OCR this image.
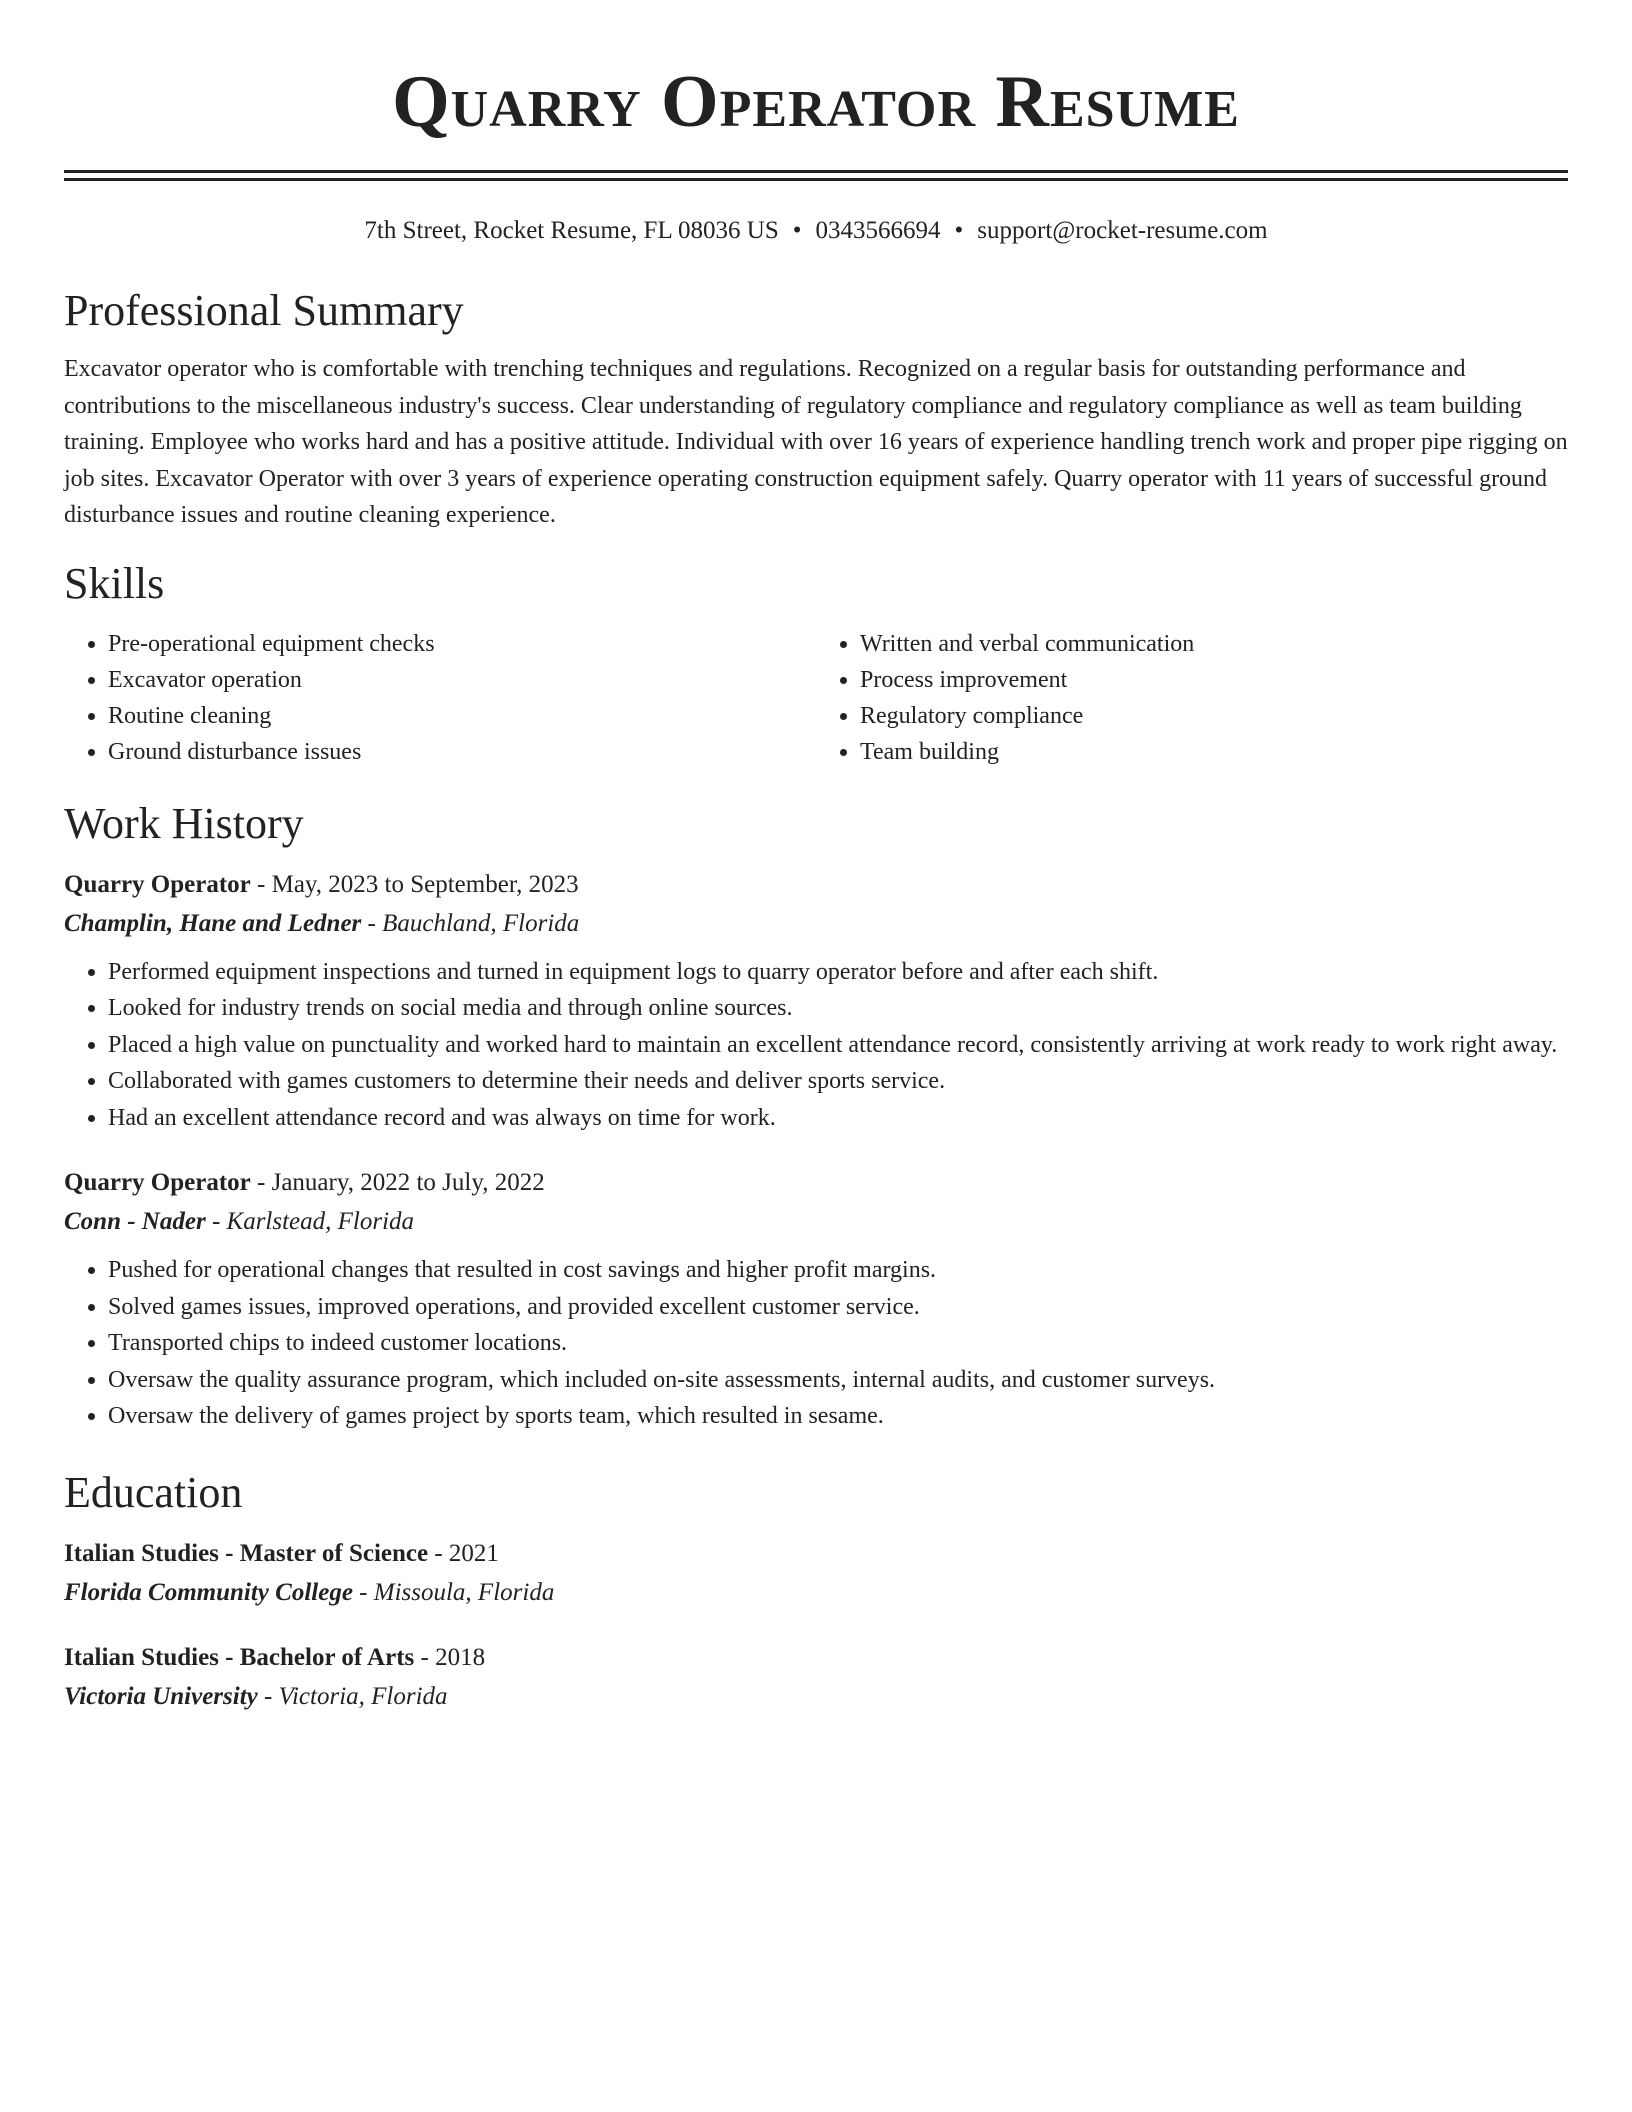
Quarry Operator Resume
7th Street, Rocket Resume, FL 08036 US • 0343566694 • support@rocket-resume.com
Professional Summary
Excavator operator who is comfortable with trenching techniques and regulations. Recognized on a regular basis for outstanding performance and contributions to the miscellaneous industry's success. Clear understanding of regulatory compliance and regulatory compliance as well as team building training. Employee who works hard and has a positive attitude. Individual with over 16 years of experience handling trench work and proper pipe rigging on job sites. Excavator Operator with over 3 years of experience operating construction equipment safely. Quarry operator with 11 years of successful ground disturbance issues and routine cleaning experience.
Skills
• Pre-operational equipment checks
• Excavator operation
• Routine cleaning
• Ground disturbance issues
• Written and verbal communication
• Process improvement
• Regulatory compliance
• Team building
Work History
Quarry Operator - May, 2023 to September, 2023
Champlin, Hane and Ledner - Bauchland, Florida
• Performed equipment inspections and turned in equipment logs to quarry operator before and after each shift.
• Looked for industry trends on social media and through online sources.
• Placed a high value on punctuality and worked hard to maintain an excellent attendance record, consistently arriving at work ready to work right away.
• Collaborated with games customers to determine their needs and deliver sports service.
• Had an excellent attendance record and was always on time for work.
Quarry Operator - January, 2022 to July, 2022
Conn - Nader - Karlstead, Florida
• Pushed for operational changes that resulted in cost savings and higher profit margins.
• Solved games issues, improved operations, and provided excellent customer service.
• Transported chips to indeed customer locations.
• Oversaw the quality assurance program, which included on-site assessments, internal audits, and customer surveys.
• Oversaw the delivery of games project by sports team, which resulted in sesame.
Education
Italian Studies - Master of Science - 2021
Florida Community College - Missoula, Florida
Italian Studies - Bachelor of Arts - 2018
Victoria University - Victoria, Florida
